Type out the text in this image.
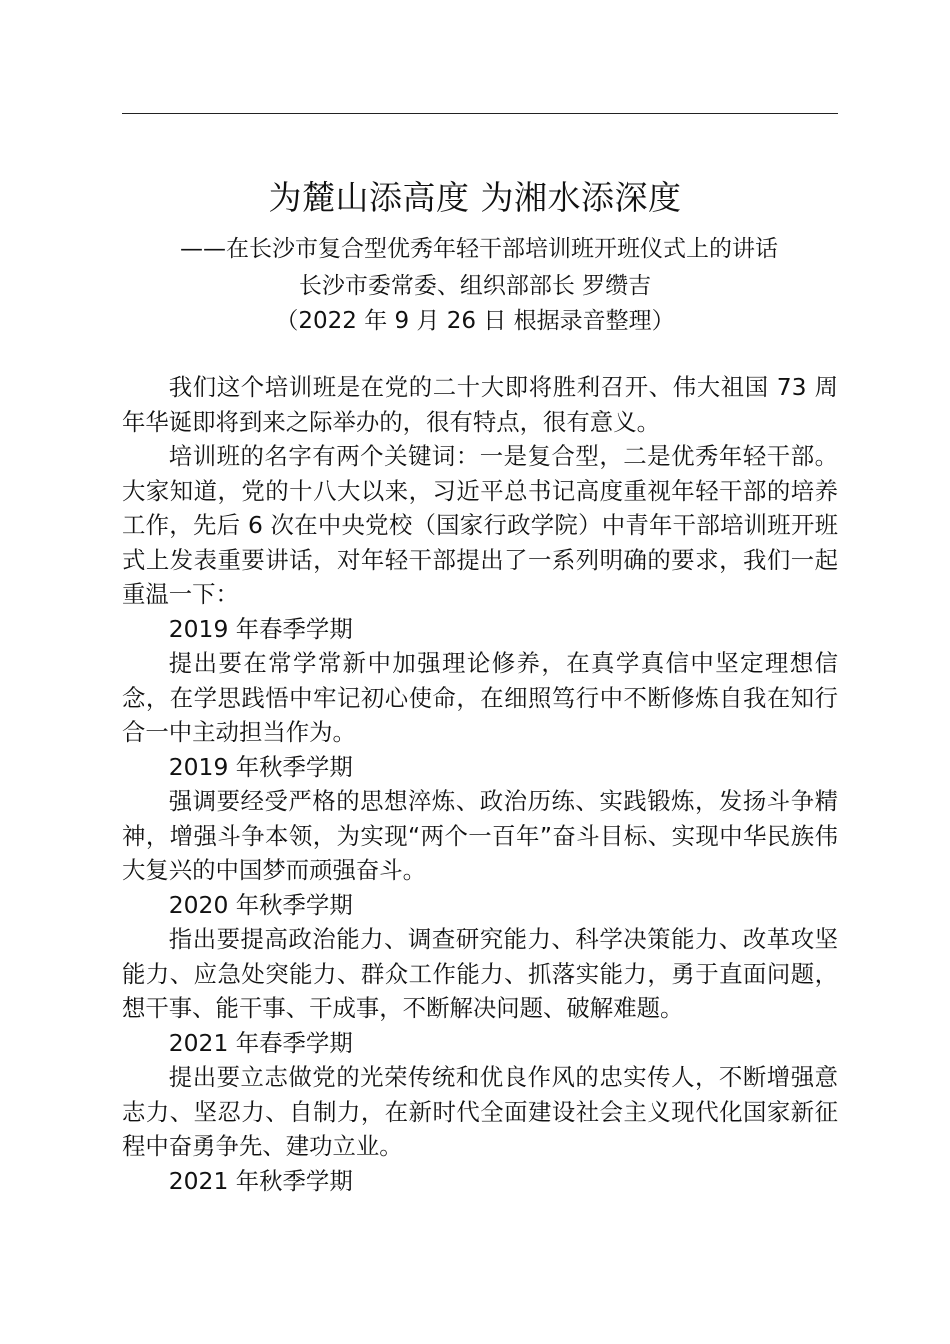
为麓山添高度 为湘水添深度
——在长沙市复合型优秀年轻干部培训班开班仪式上的讲话
长沙市委常委、组织部部长 罗缵吉
（2022 年 9 月 26 日 根据录音整理）

我们这个培训班是在党的二十大即将胜利召开、伟大祖国 73 周年华诞即将到来之际举办的，很有特点，很有意义。

培训班的名字有两个关键词：一是复合型，二是优秀年轻干部。大家知道，党的十八大以来，习近平总书记高度重视年轻干部的培养工作，先后 6 次在中央党校（国家行政学院）中青年干部培训班开班式上发表重要讲话，对年轻干部提出了一系列明确的要求，我们一起重温一下：

2019 年春季学期

提出要在常学常新中加强理论修养，在真学真信中坚定理想信念，在学思践悟中牢记初心使命，在细照笃行中不断修炼自我在知行合一中主动担当作为。

2019 年秋季学期

强调要经受严格的思想淬炼、政治历练、实践锻炼，发扬斗争精神，增强斗争本领，为实现“两个一百年”奋斗目标、实现中华民族伟大复兴的中国梦而顽强奋斗。

2020 年秋季学期

指出要提高政治能力、调查研究能力、科学决策能力、改革攻坚能力、应急处突能力、群众工作能力、抓落实能力，勇于直面问题，想干事、能干事、干成事，不断解决问题、破解难题。

2021 年春季学期

提出要立志做党的光荣传统和优良作风的忠实传人，不断增强意志力、坚忍力、自制力，在新时代全面建设社会主义现代化国家新征程中奋勇争先、建功立业。

2021 年秋季学期
